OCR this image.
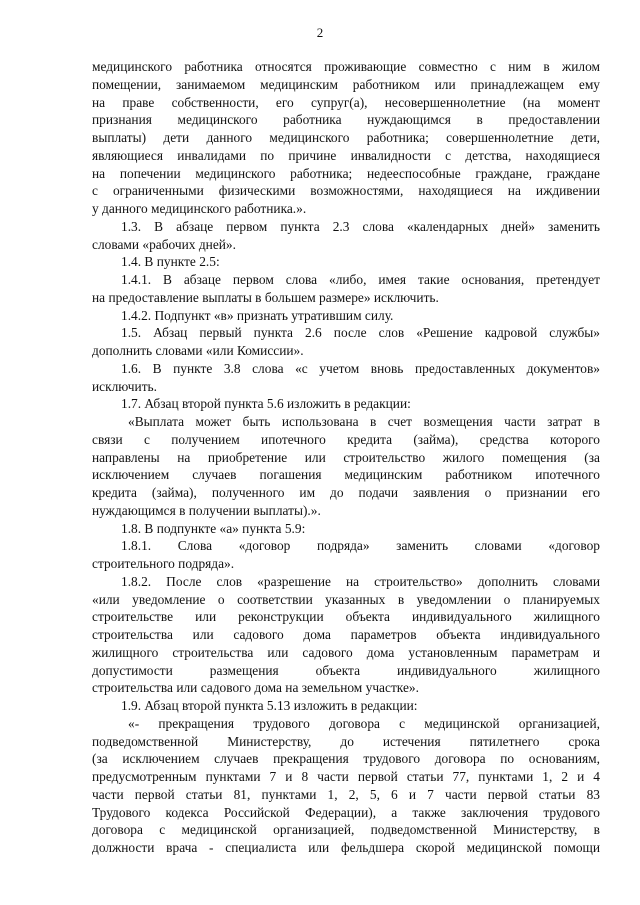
2
медицинского работника относятся проживающие совместно с ним в жилом
помещении, занимаемом медицинским работником или принадлежащем ему
на праве собственности, его супруг(а), несовершеннолетние (на момент
признания медицинского работника нуждающимся в предоставлении
выплаты) дети данного медицинского работника; совершеннолетние дети,
являющиеся инвалидами по причине инвалидности с детства, находящиеся
на попечении медицинского работника; недееспособные граждане, граждане
с ограниченными физическими возможностями, находящиеся на иждивении
у данного медицинского работника.».
1.3. В абзаце первом пункта 2.3 слова «календарных дней» заменить
словами «рабочих дней».
1.4. В пункте 2.5:
1.4.1. В абзаце первом слова «либо, имея такие основания, претендует
на предоставление выплаты в большем размере» исключить.
1.4.2. Подпункт «в» признать утратившим силу.
1.5. Абзац первый пункта 2.6 после слов «Решение кадровой службы»
дополнить словами «или Комиссии».
1.6. В пункте 3.8 слова «с учетом вновь предоставленных документов»
исключить.
1.7. Абзац второй пункта 5.6 изложить в редакции:
«Выплата может быть использована в счет возмещения части затрат в
связи с получением ипотечного кредита (займа), средства которого
направлены на приобретение или строительство жилого помещения (за
исключением случаев погашения медицинским работником ипотечного
кредита (займа), полученного им до подачи заявления о признании его
нуждающимся в получении выплаты).».
1.8. В подпункте «а» пункта 5.9:
1.8.1. Слова «договор подряда» заменить словами «договор
строительного подряда».
1.8.2. После слов «разрешение на строительство» дополнить словами
«или уведомление о соответствии указанных в уведомлении о планируемых
строительстве или реконструкции объекта индивидуального жилищного
строительства или садового дома параметров объекта индивидуального
жилищного строительства или садового дома установленным параметрам и
допустимости размещения объекта индивидуального жилищного
строительства или садового дома на земельном участке».
1.9. Абзац второй пункта 5.13 изложить в редакции:
«- прекращения трудового договора с медицинской организацией,
подведомственной Министерству, до истечения пятилетнего срока
(за исключением случаев прекращения трудового договора по основаниям,
предусмотренным пунктами 7 и 8 части первой статьи 77, пунктами 1, 2 и 4
части первой статьи 81, пунктами 1, 2, 5, 6 и 7 части первой статьи 83
Трудового кодекса Российской Федерации), а также заключения трудового
договора с медицинской организацией, подведомственной Министерству, в
должности врача - специалиста или фельдшера скорой медицинской помощи
